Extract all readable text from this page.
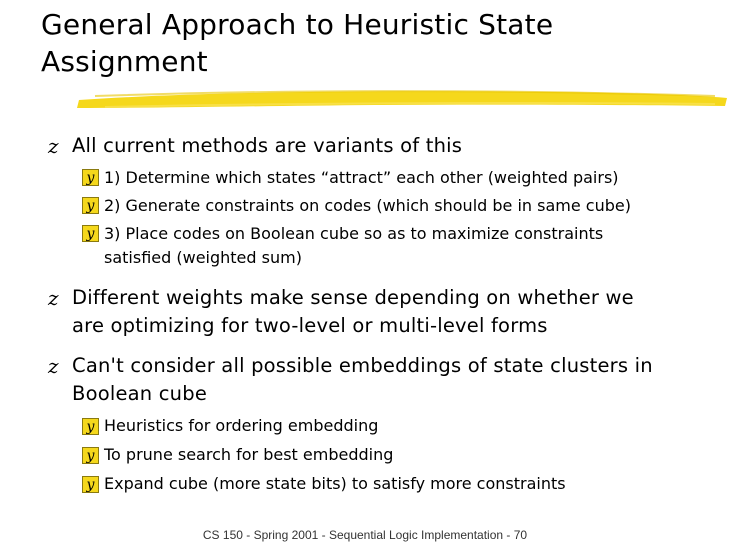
General Approach to Heuristic State
Assignment
z All current methods are variants of this
y 1) Determine which states “attract” each other (weighted pairs)
y 2) Generate constraints on codes (which should be in same cube)
y 3) Place codes on Boolean cube so as to maximize constraints
satisfied (weighted sum)
z Different weights make sense depending on whether we
are optimizing for two-level or multi-level forms
z Can't consider all possible embeddings of state clusters in
Boolean cube
y Heuristics for ordering embedding
y To prune search for best embedding
y Expand cube (more state bits) to satisfy more constraints
CS 150 - Spring 2001 - Sequential Logic Implementation - 70
